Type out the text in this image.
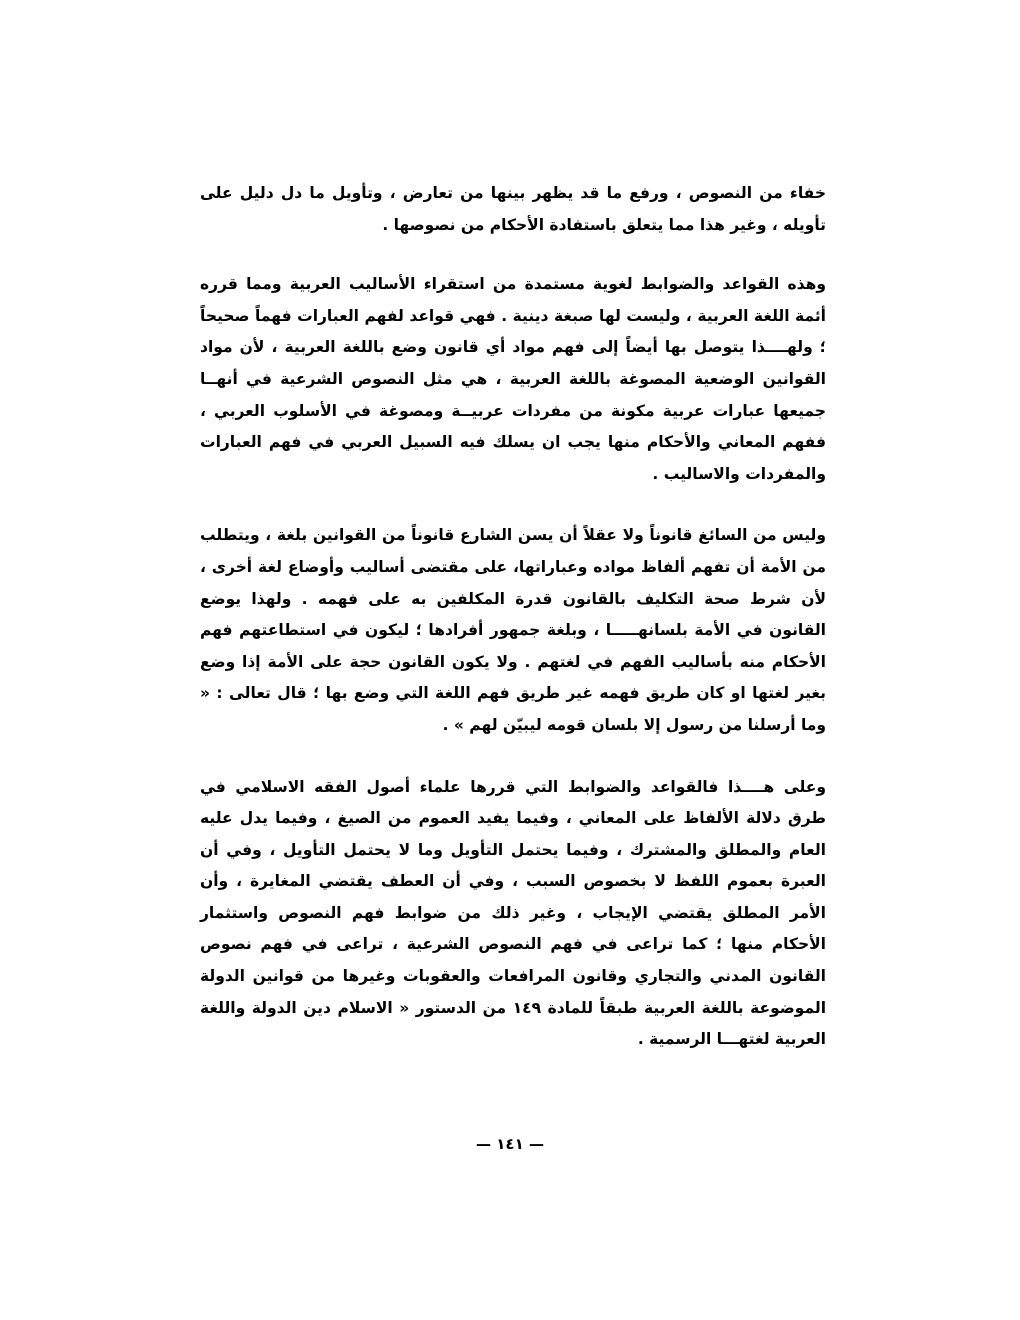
خفاء من النصوص ، ورفع ما قد يظهر بينها من تعارض ، وتأويل ما دل دليل على تأويله ، وغير هذا مما يتعلق باستفادة الأحكام من نصوصها .

وهذه القواعد والضوابط لغوية مستمدة من استقراء الأساليب العربية ومما قرره أئمة اللغة العربية ، وليست لها صبغة دينية . فهي قواعد لفهم العبارات فهماً صحيحاً ؛ ولهــــذا يتوصل بها أيضاً إلى فهم مواد أي قانون وضع باللغة العربية ، لأن مواد القوانين الوضعية المصوغة باللغة العربية ، هي مثل النصوص الشرعية في أنهــا جميعها عبارات عربية مكونة من مفردات عربيــة ومصوغة في الأسلوب العربي ، ففهم المعاني والأحكام منها يجب ان يسلك فيه السبيل العربي في فهم العبارات والمفردات والاساليب .

وليس من السائغ قانوناً ولا عقلاً أن يسن الشارع قانوناً من القوانين بلغة ، ويتطلب من الأمة أن تفهم ألفاظ مواده وعباراتها، على مقتضى أساليب وأوضاع لغة أخرى ، لأن شرط صحة التكليف بالقانون قدرة المكلفين به على فهمه . ولهذا يوضع القانون في الأمة بلسانهـــــا ، وبلغة جمهور أفرادها ؛ ليكون في استطاعتهم فهم الأحكام منه بأساليب الفهم في لغتهم . ولا يكون القانون حجة على الأمة إذا وضع بغير لغتها او كان طريق فهمه غير طريق فهم اللغة التي وضع بها ؛ قال تعالى : « وما أرسلنا من رسول إلا بلسان قومه ليبيّن لهم » .

وعلى هــــذا فالقواعد والضوابط التي قررها علماء أصول الفقه الاسلامي في طرق دلالة الألفاظ على المعاني ، وفيما يفيد العموم من الصيغ ، وفيما يدل عليه العام والمطلق والمشترك ، وفيما يحتمل التأويل وما لا يحتمل التأويل ، وفي أن العبرة بعموم اللفظ لا بخصوص السبب ، وفي أن العطف يقتضي المغايرة ، وأن الأمر المطلق يقتضي الإيجاب ، وغير ذلك من ضوابط فهم النصوص واستثمار الأحكام منها ؛ كما تراعى في فهم النصوص الشرعية ، تراعى في فهم نصوص القانون المدني والتجاري وقانون المرافعات والعقوبات وغيرها من قوانين الدولة الموضوعة باللغة العربية طبقاً للمادة ١٤٩ من الدستور « الاسلام دين الدولة واللغة العربية لغتهـــا الرسمية .

— ١٤١ —
